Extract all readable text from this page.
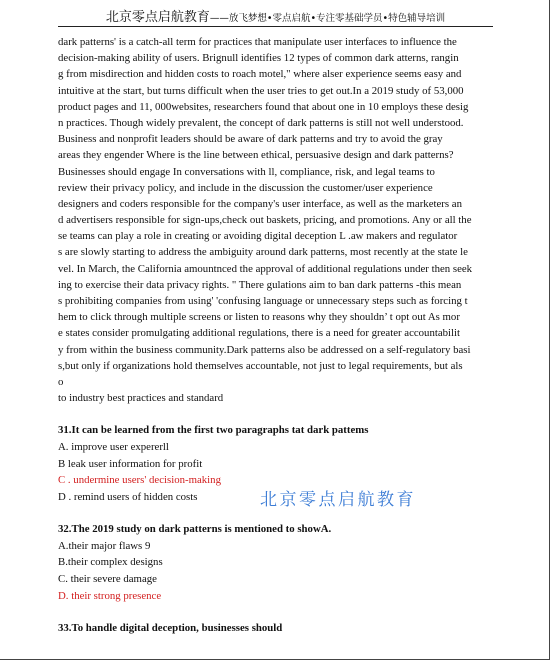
北京零点启航教育——放飞梦想•零点启航•专注零基础学员•特色辅导培训
dark patterns' is a catch-all term for practices that manipulate user interfaces to influence the
decision-making ability of users. Brignull identifies 12 types of common dark atterns, rangin
g from misdirection and hidden costs to roach motel," where alser experience seems easy and
intuitive at the start, but turns difficult when the user tries to get out.In a 2019 study of 53,000
product pages and 11, 000websites, researchers found that about one in 10 employs these desig
n practices. Though widely prevalent, the concept of dark patterns is still not well understood.
Business and nonprofit leaders should be aware of dark patterns and try to avoid the gray
areas they engender Where is the line between ethical, persuasive design and dark patterns?
Businesses should engage In conversations with ll, compliance, risk, and legal teams to
review their privacy policy, and include in the discussion the customer/user experience
designers and coders responsible for the company's user interface, as well as the marketers an
d advertisers responsible for sign-ups,check out baskets, pricing, and promotions. Any or all the
se teams can play a role in creating or avoiding digital deception L .aw makers and regulator
s are slowly starting to address the ambiguity around dark patterns, most recently at the state le
vel. In March, the California amountnced the approval of additional regulations under then seek
ing to exercise their data privacy rights. " There gulations aim to ban dark patterns -this mean
s prohibiting companies from using' 'confusing language or unnecessary steps such as forcing t
hem to click through multiple screens or listen to reasons why they shouldn’ t opt out As mor
e states consider promulgating additional regulations, there is a need for greater accountabilit
y from within the business community.Dark patterns also be addressed on a self-regulatory basi
s,but only if organizations hold themselves accountable, not just to legal requirements, but als
o
to industry best practices and standard
31.It can be learned from the first two paragraphs tat dark pattems
A. improve user expererll
B leak user information for profit
C . undermine users' decision-making
D . remind users of hidden costs
32.The 2019 study on dark patterns is mentioned to showA.
A.their major flaws 9
B.their complex designs
C. their severe damage
D. their strong presence
33.To handle digital deception, businesses should
北京零点启航教育
